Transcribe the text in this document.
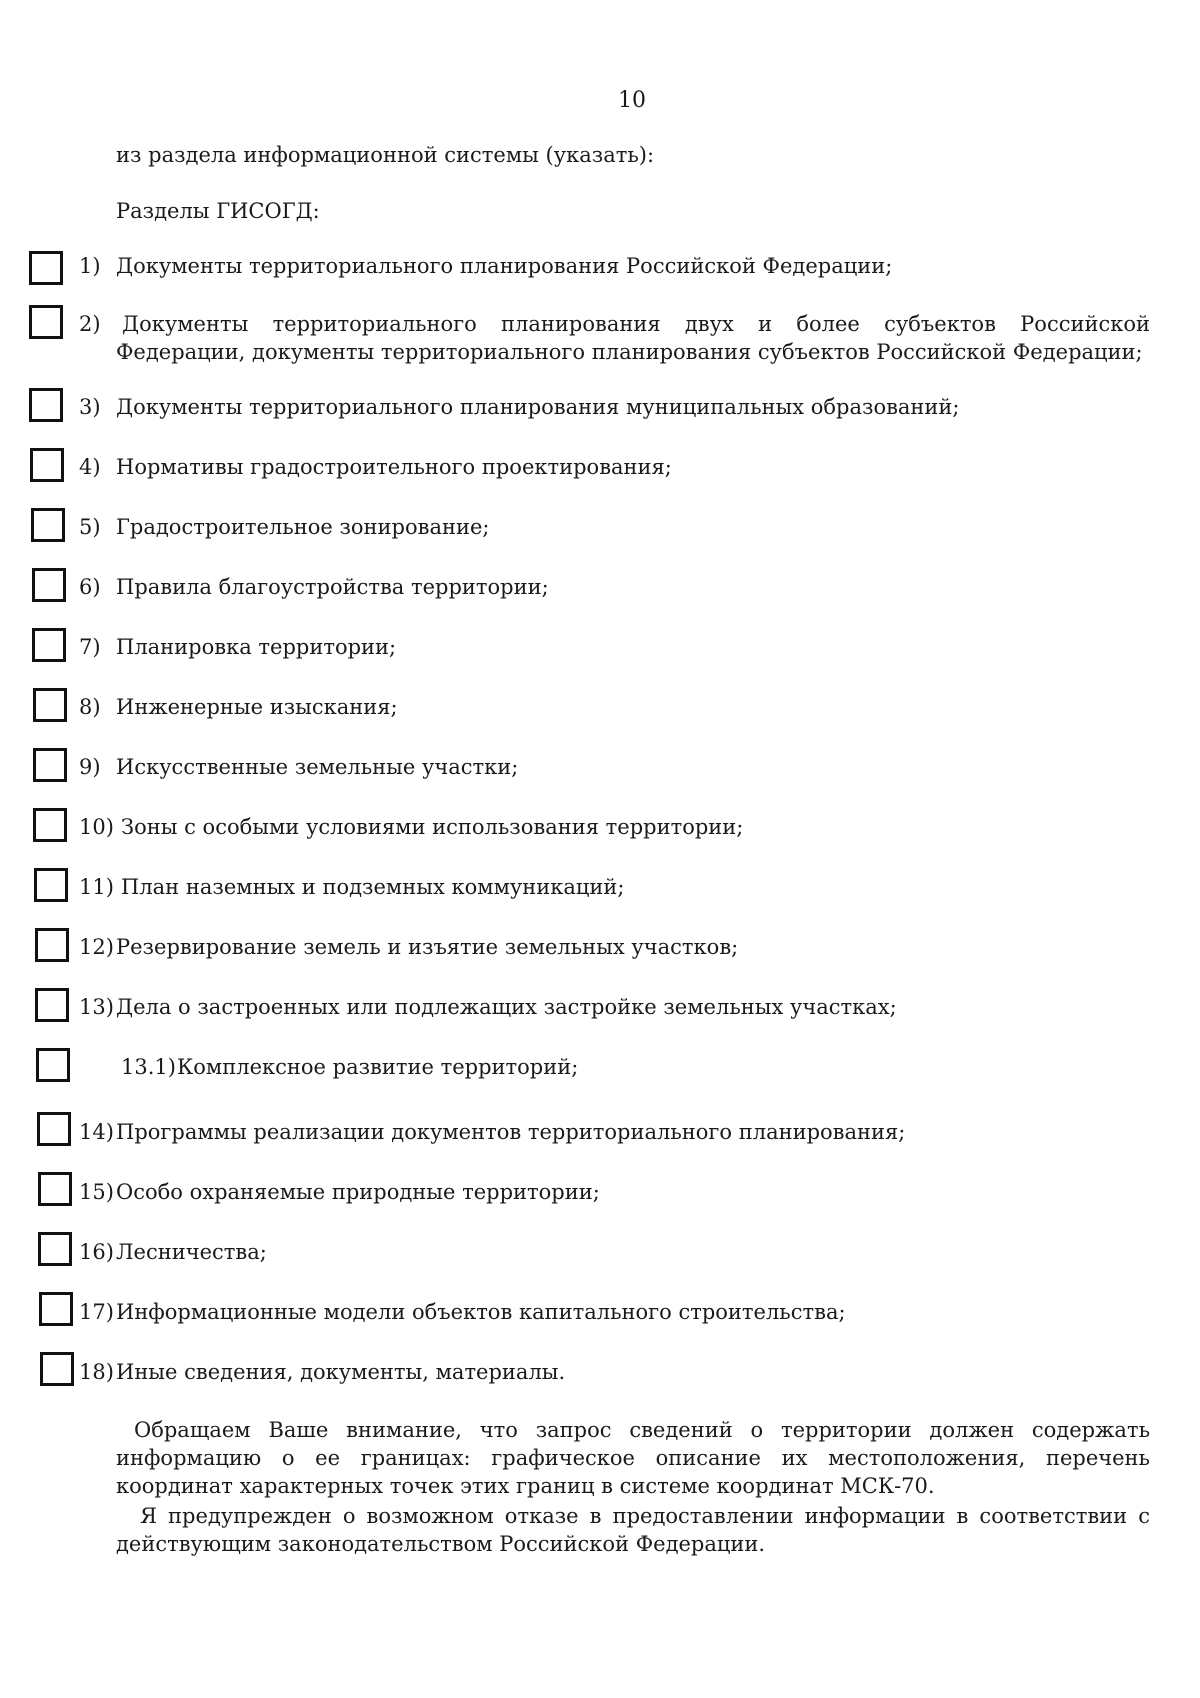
10
из раздела информационной системы (указать):
Разделы ГИСОГД:
1) Документы территориального планирования Российской Федерации;
2) Документы территориального планирования двух и более субъектов Российской Федерации, документы территориального планирования субъектов Российской Федерации;
3) Документы территориального планирования муниципальных образований;
4) Нормативы градостроительного проектирования;
5) Градостроительное зонирование;
6) Правила благоустройства территории;
7) Планировка территории;
8) Инженерные изыскания;
9) Искусственные земельные участки;
10) Зоны с особыми условиями использования территории;
11) План наземных и подземных коммуникаций;
12) Резервирование земель и изъятие земельных участков;
13) Дела о застроенных или подлежащих застройке земельных участках;
13.1) Комплексное развитие территорий;
14) Программы реализации документов территориального планирования;
15) Особо охраняемые природные территории;
16) Лесничества;
17) Информационные модели объектов капитального строительства;
18) Иные сведения, документы, материалы.

Обращаем Ваше внимание, что запрос сведений о территории должен содержать информацию о ее границах: графическое описание их местоположения, перечень координат характерных точек этих границ в системе координат МСК-70.

Я предупрежден о возможном отказе в предоставлении информации в соответствии с действующим законодательством Российской Федерации.
